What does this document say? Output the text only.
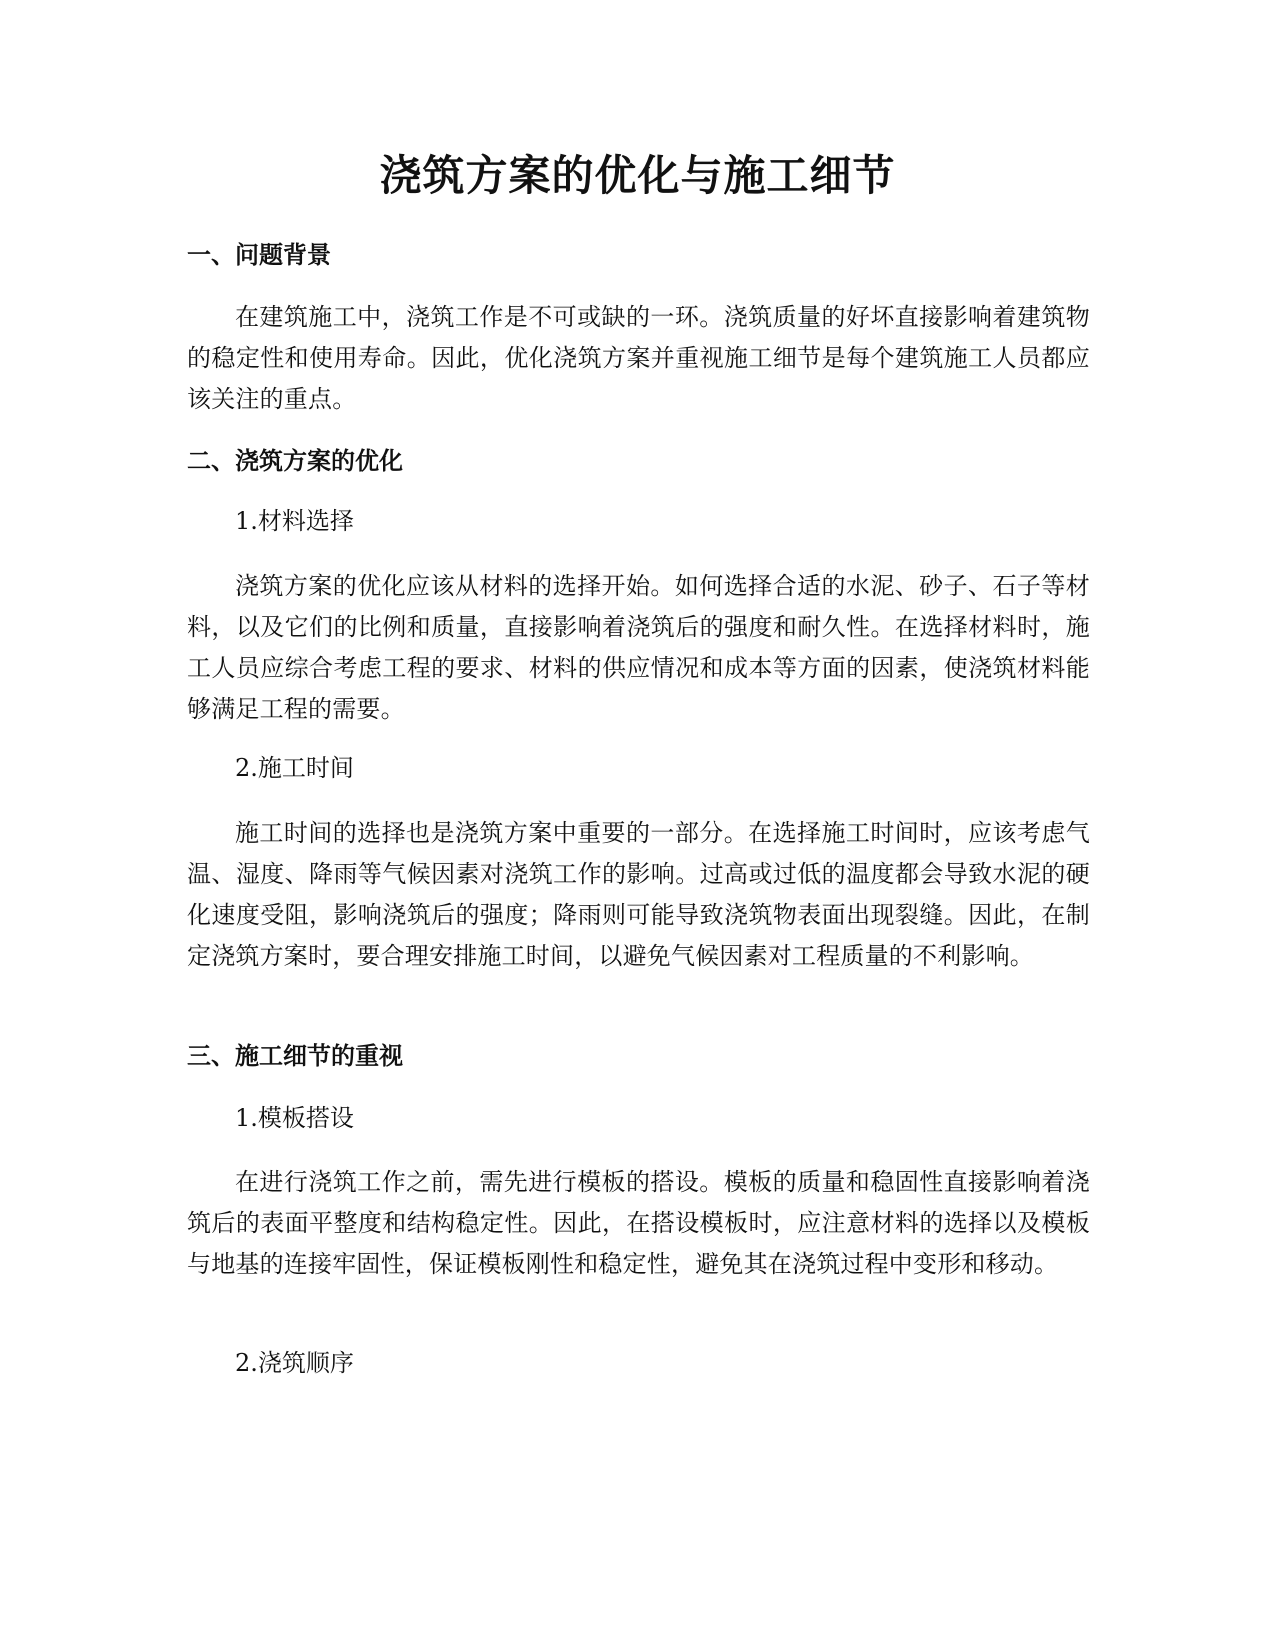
浇筑方案的优化与施工细节
一、问题背景

在建筑施工中，浇筑工作是不可或缺的一环。浇筑质量的好坏直接影响着建筑物的稳定性和使用寿命。因此，优化浇筑方案并重视施工细节是每个建筑施工人员都应该关注的重点。

二、浇筑方案的优化

1.材料选择

浇筑方案的优化应该从材料的选择开始。如何选择合适的水泥、砂子、石子等材料，以及它们的比例和质量，直接影响着浇筑后的强度和耐久性。在选择材料时，施工人员应综合考虑工程的要求、材料的供应情况和成本等方面的因素，使浇筑材料能够满足工程的需要。

2.施工时间

施工时间的选择也是浇筑方案中重要的一部分。在选择施工时间时，应该考虑气温、湿度、降雨等气候因素对浇筑工作的影响。过高或过低的温度都会导致水泥的硬化速度受阻，影响浇筑后的强度；降雨则可能导致浇筑物表面出现裂缝。因此，在制定浇筑方案时，要合理安排施工时间，以避免气候因素对工程质量的不利影响。

三、施工细节的重视

1.模板搭设

在进行浇筑工作之前，需先进行模板的搭设。模板的质量和稳固性直接影响着浇筑后的表面平整度和结构稳定性。因此，在搭设模板时，应注意材料的选择以及模板与地基的连接牢固性，保证模板刚性和稳定性，避免其在浇筑过程中变形和移动。

2.浇筑顺序
